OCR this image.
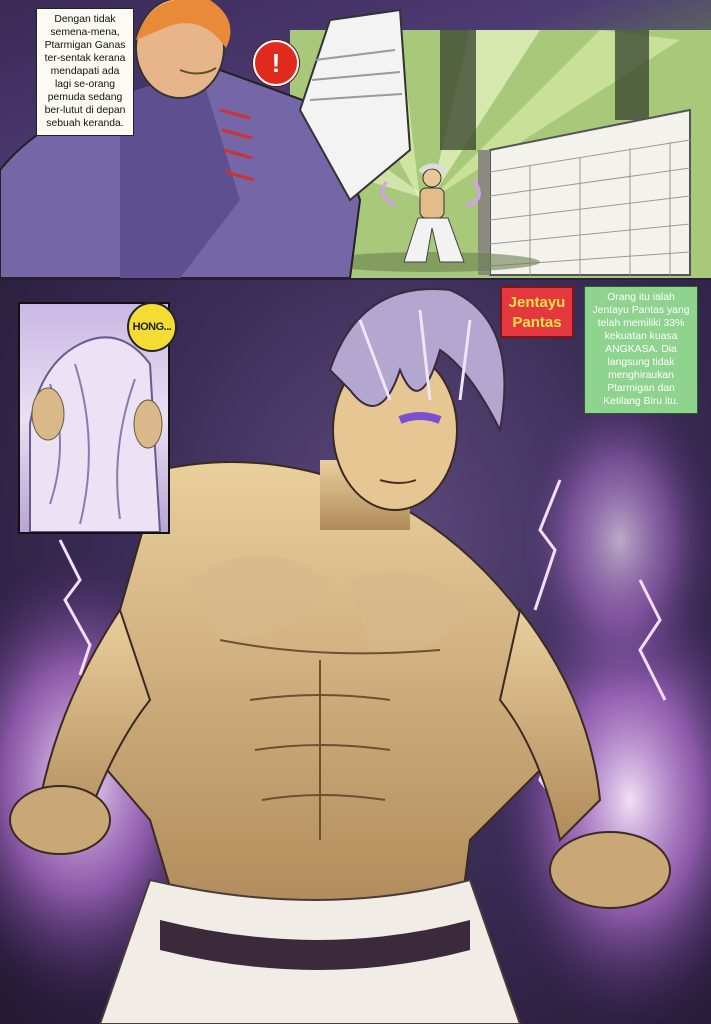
Dengan tidak semena-mena, Ptarmigan Ganas ter-sentak kerana mendapati ada lagi se-orang pemuda sedang ber-lutut di depan sebuah keranda.
!
HONG...
Jentayu
Pantas
Orang itu ialah Jentayu Pantas yang telah memiliki 33% kekuatan kuasa ANGKASA. Dia langsung tidak menghiraukan Ptarmigan dan Ketilang Biru itu.
